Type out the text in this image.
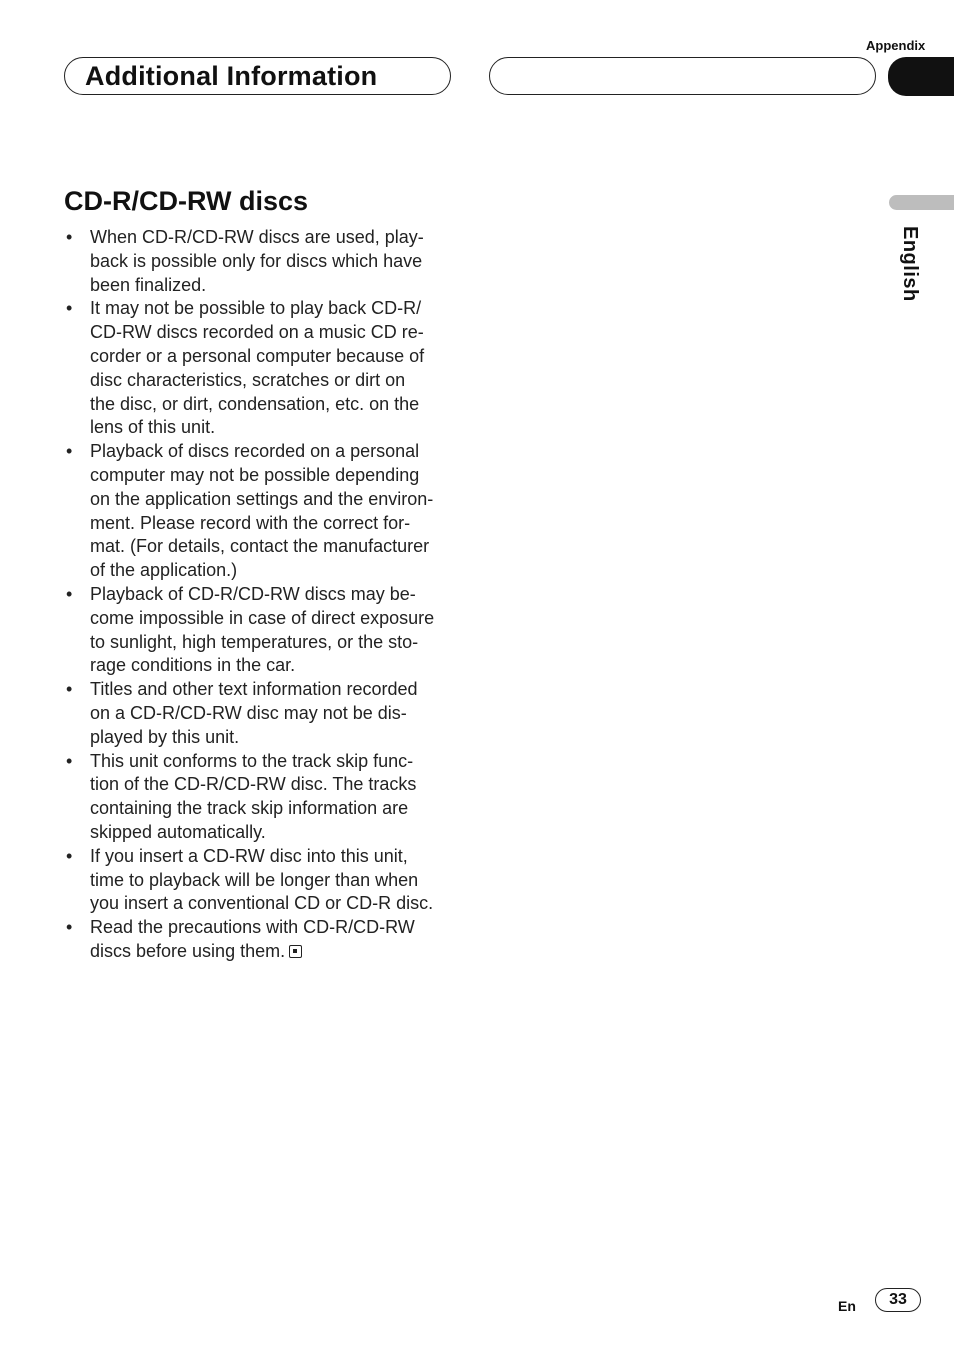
Appendix
Additional Information
English
CD-R/CD-RW discs
• When CD-R/CD-RW discs are used, play-
back is possible only for discs which have
been finalized.
• It may not be possible to play back CD-R/
CD-RW discs recorded on a music CD re-
corder or a personal computer because of
disc characteristics, scratches or dirt on
the disc, or dirt, condensation, etc. on the
lens of this unit.
• Playback of discs recorded on a personal
computer may not be possible depending
on the application settings and the environ-
ment. Please record with the correct for-
mat. (For details, contact the manufacturer
of the application.)
• Playback of CD-R/CD-RW discs may be-
come impossible in case of direct exposure
to sunlight, high temperatures, or the sto-
rage conditions in the car.
• Titles and other text information recorded
on a CD-R/CD-RW disc may not be dis-
played by this unit.
• This unit conforms to the track skip func-
tion of the CD-R/CD-RW disc. The tracks
containing the track skip information are
skipped automatically.
• If you insert a CD-RW disc into this unit,
time to playback will be longer than when
you insert a conventional CD or CD-R disc.
• Read the precautions with CD-R/CD-RW
discs before using them.
En	33
